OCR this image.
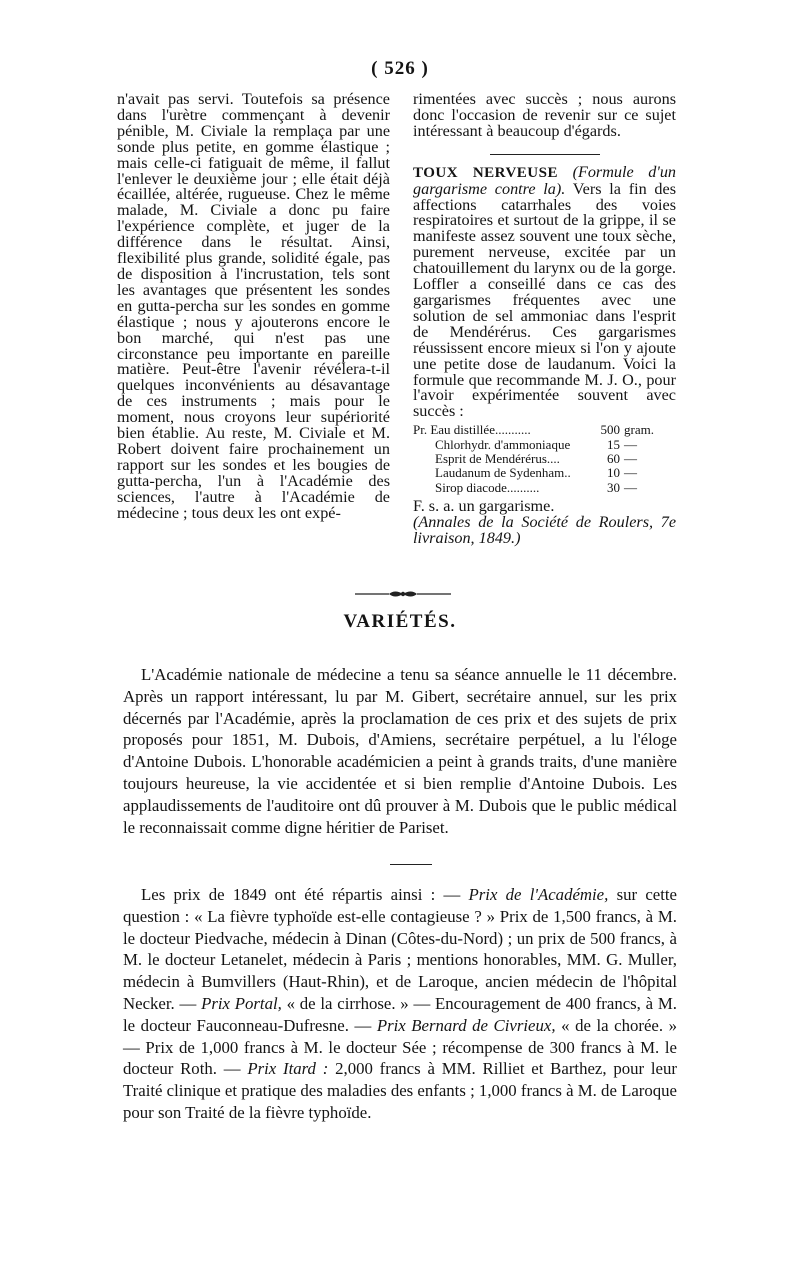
( 526 )

n'avait pas servi. Toutefois sa présence dans l'urètre commençant à devenir pénible, M. Civiale la remplaça par une sonde plus petite, en gomme élastique ; mais celle-ci fatiguait de même, il fallut l'enlever le deuxième jour ; elle était déjà écaillée, altérée, rugueuse. Chez le même malade, M. Civiale a donc pu faire l'expérience complète, et juger de la différence dans le résultat. Ainsi, flexibilité plus grande, solidité égale, pas de disposition à l'incrustation, tels sont les avantages que présentent les sondes en gutta-percha sur les sondes en gomme élastique ; nous y ajouterons encore le bon marché, qui n'est pas une circonstance peu importante en pareille matière. Peut-être l'avenir révélera-t-il quelques inconvénients au désavantage de ces instruments ; mais pour le moment, nous croyons leur supériorité bien établie. Au reste, M. Civiale et M. Robert doivent faire prochainement un rapport sur les sondes et les bougies de gutta-percha, l'un à l'Académie des sciences, l'autre à l'Académie de médecine ; tous deux les ont expé-

rimentées avec succès ; nous aurons donc l'occasion de revenir sur ce sujet intéressant à beaucoup d'égards.

TOUX NERVEUSE (Formule d'un gargarisme contre la). Vers la fin des affections catarrhales des voies respiratoires et surtout de la grippe, il se manifeste assez souvent une toux sèche, purement nerveuse, excitée par un chatouillement du larynx ou de la gorge. Loffler a conseillé dans ce cas des gargarismes fréquentes avec une solution de sel ammoniac dans l'esprit de Mendérérus. Ces gargarismes réussissent encore mieux si l'on y ajoute une petite dose de laudanum. Voici la formule que recommande M. J. O., pour l'avoir expérimentée souvent avec succès :

Pr. Eau distillée...........	500	gram.
Chlorhydr. d'ammoniaque	15	—
Esprit de Mendérérus....	60	—
Laudanum de Sydenham..	10	—
Sirop diacode..........	30	—

F. s. a. un gargarisme.

(Annales de la Société de Roulers, 7e livraison, 1849.)

VARIÉTÉS.

L'Académie nationale de médecine a tenu sa séance annuelle le 11 décembre. Après un rapport intéressant, lu par M. Gibert, secrétaire annuel, sur les prix décernés par l'Académie, après la proclamation de ces prix et des sujets de prix proposés pour 1851, M. Dubois, d'Amiens, secrétaire perpétuel, a lu l'éloge d'Antoine Dubois. L'honorable académicien a peint à grands traits, d'une manière toujours heureuse, la vie accidentée et si bien remplie d'Antoine Dubois. Les applaudissements de l'auditoire ont dû prouver à M. Dubois que le public médical le reconnaissait comme digne héritier de Pariset.

Les prix de 1849 ont été répartis ainsi : — Prix de l'Académie, sur cette question : « La fièvre typhoïde est-elle contagieuse ? » Prix de 1,500 francs, à M. le docteur Piedvache, médecin à Dinan (Côtes-du-Nord) ; un prix de 500 francs, à M. le docteur Letanelet, médecin à Paris ; mentions honorables, MM. G. Muller, médecin à Bumvillers (Haut-Rhin), et de Laroque, ancien médecin de l'hôpital Necker. — Prix Portal, « de la cirrhose. » — Encouragement de 400 francs, à M. le docteur Fauconneau-Dufresne. — Prix Bernard de Civrieux, « de la chorée. » — Prix de 1,000 francs à M. le docteur Sée ; récompense de 300 francs à M. le docteur Roth. — Prix Itard : 2,000 francs à MM. Rilliet et Barthez, pour leur Traité clinique et pratique des maladies des enfants ; 1,000 francs à M. de Laroque pour son Traité de la fièvre typhoïde.
